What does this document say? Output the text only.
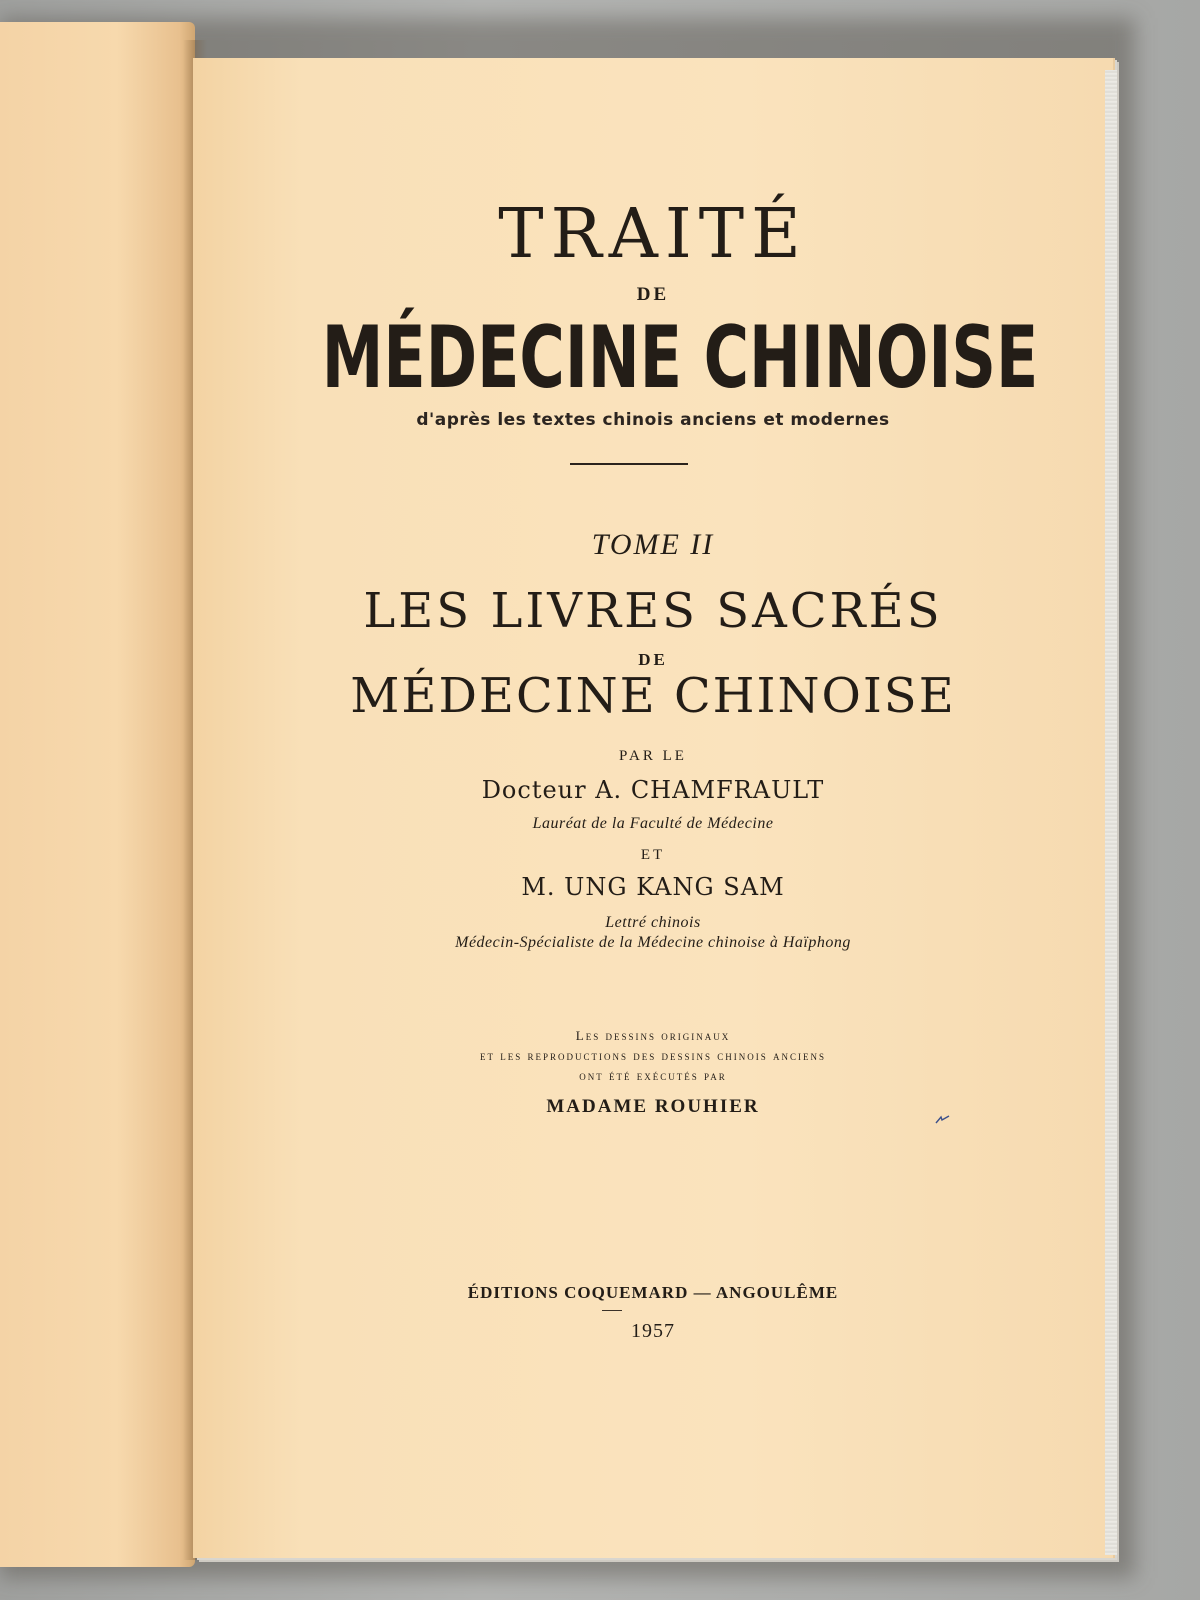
TRAITÉ
DE
MÉDECINE CHINOISE
d'après les textes chinois anciens et modernes
TOME II
LES LIVRES SACRÉS
DE
MÉDECINE CHINOISE
PAR LE
Docteur A. CHAMFRAULT
Lauréat de la Faculté de Médecine
ET
M. UNG KANG SAM
Lettré chinois
Médecin-Spécialiste de la Médecine chinoise à Haïphong
Les dessins originaux
et les reproductions des dessins chinois anciens
ont été exécutés par
MADAME ROUHIER
ÉDITIONS COQUEMARD — ANGOULÊME
1957
